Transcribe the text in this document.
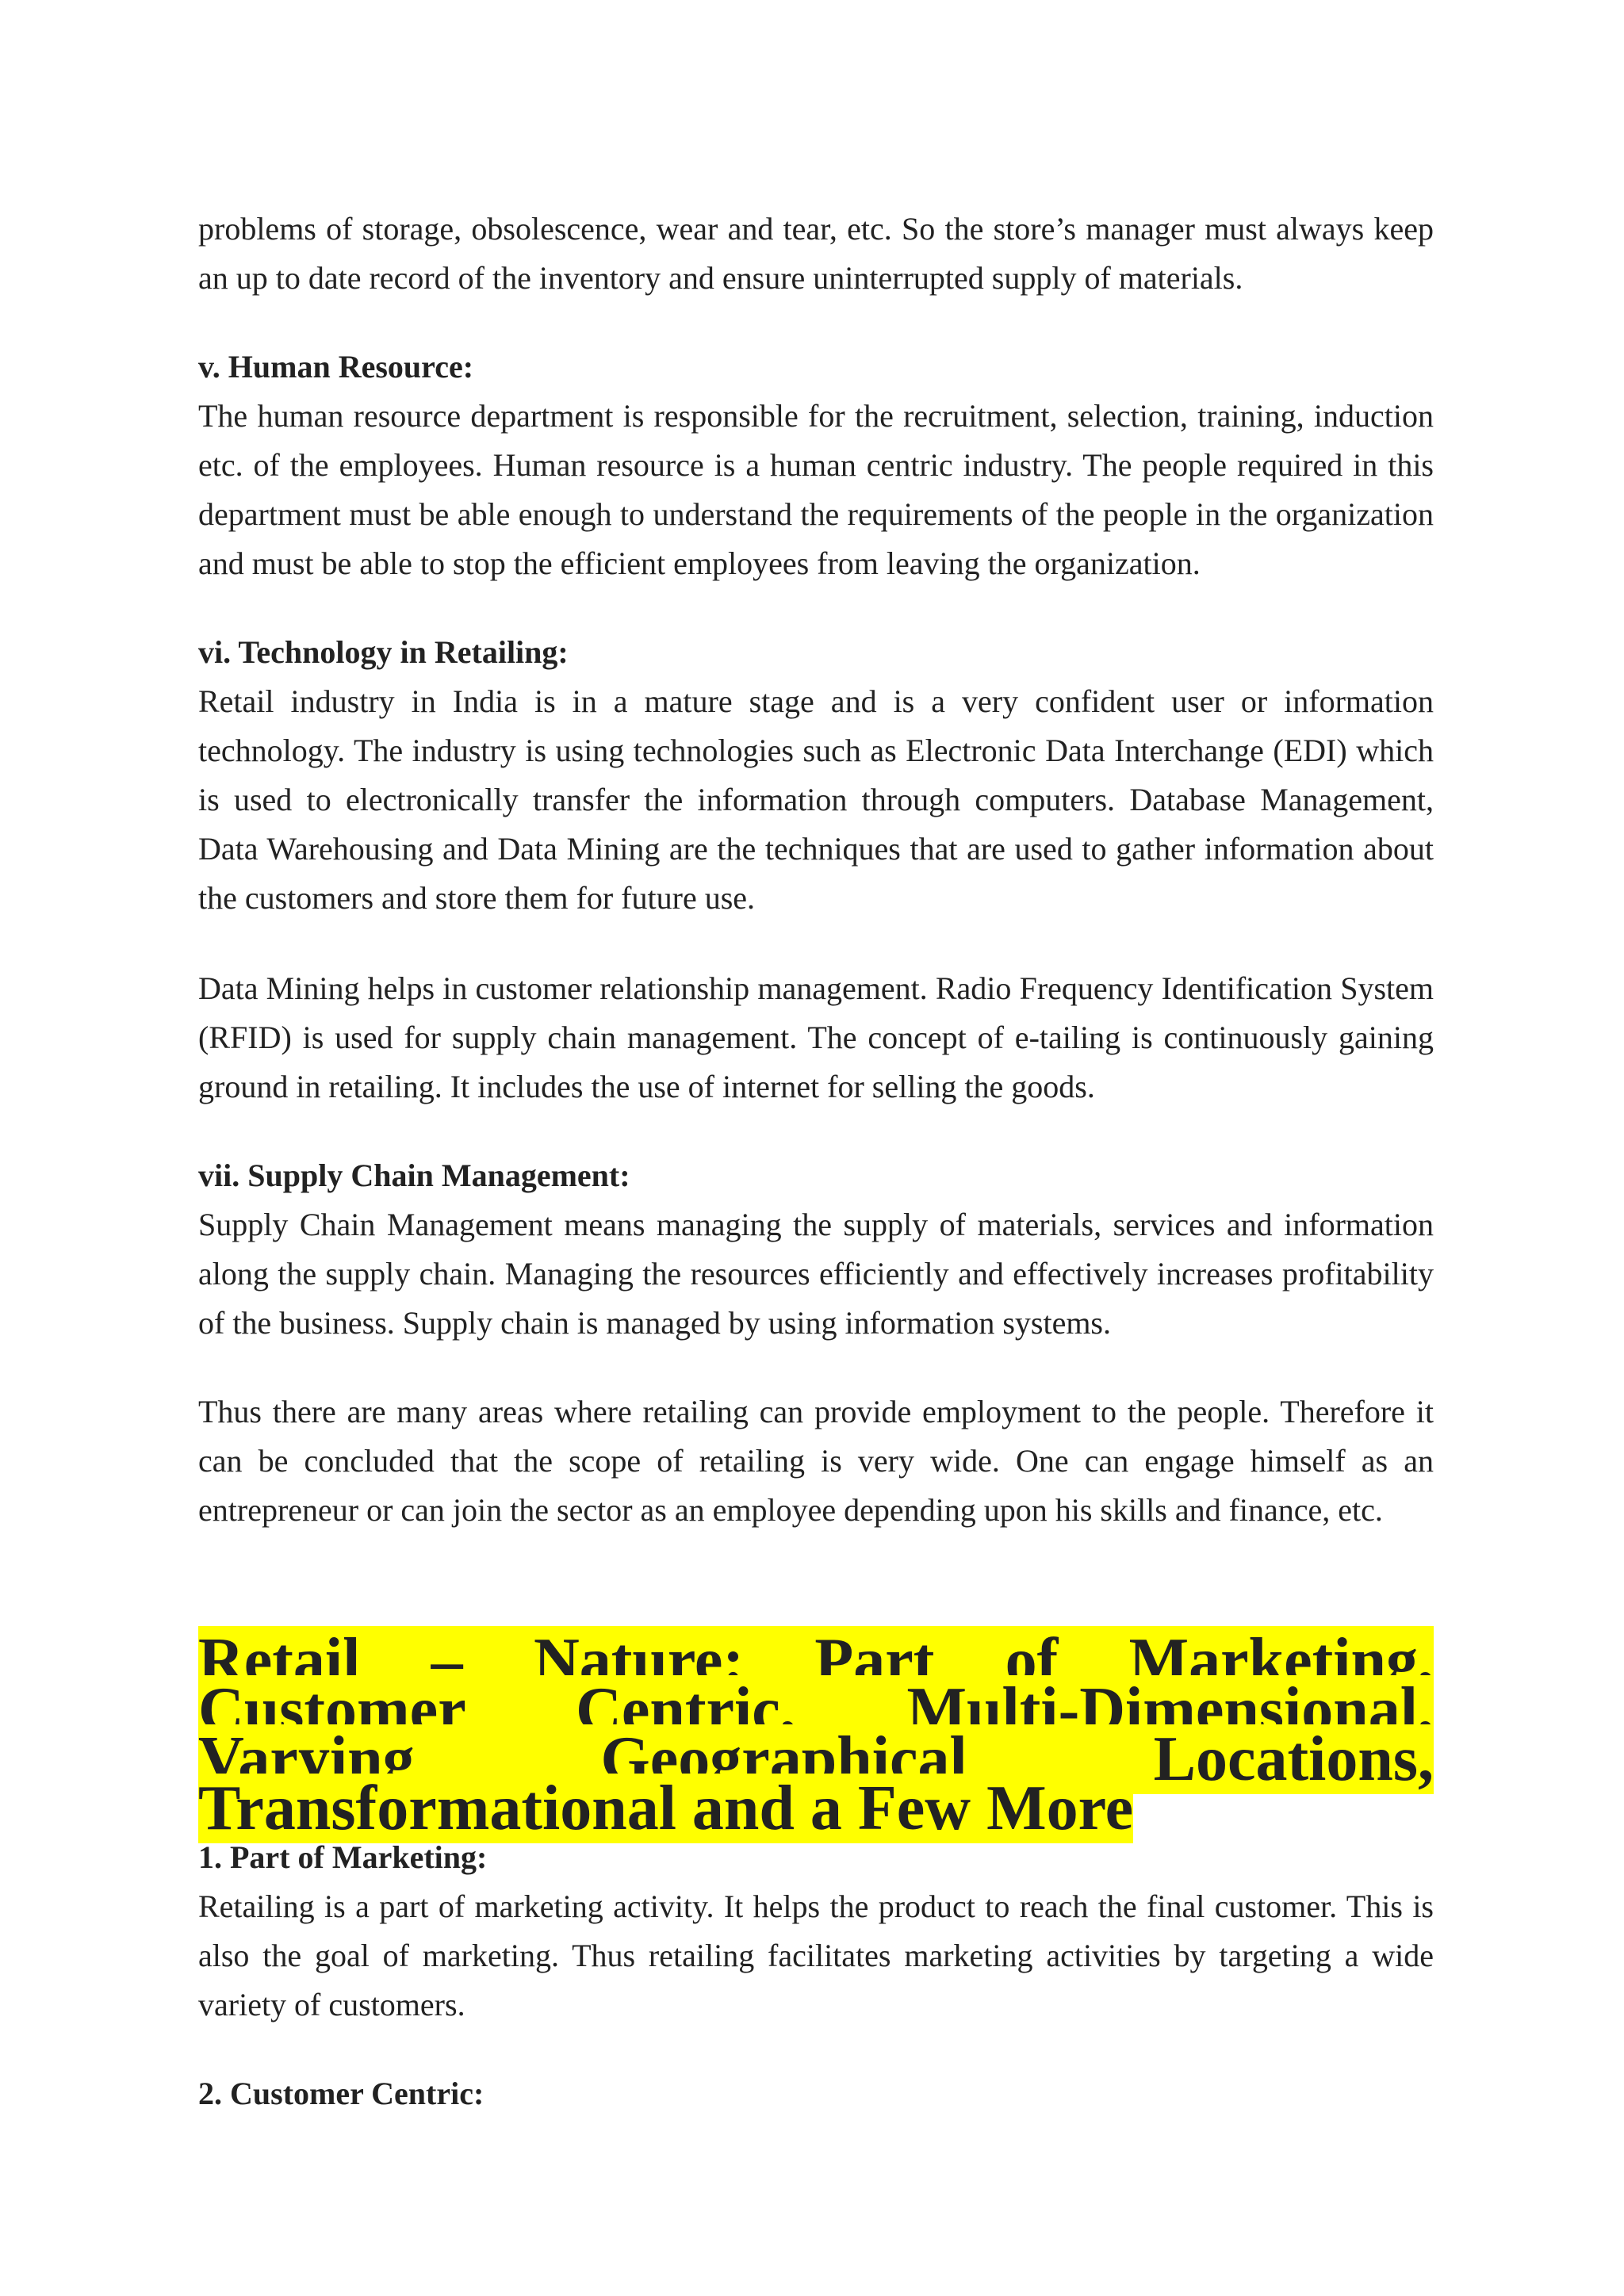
problems of storage, obsolescence, wear and tear, etc. So the store’s manager must always keep an up to date record of the inventory and ensure uninterrupted supply of materials.

v. Human Resource:

The human resource department is responsible for the recruitment, selection, training, induction etc. of the employees. Human resource is a human centric industry. The people required in this department must be able enough to understand the requirements of the people in the organization and must be able to stop the efficient employees from leaving the organization.

vi. Technology in Retailing:

Retail industry in India is in a mature stage and is a very confident user or information technology. The industry is using technologies such as Electronic Data Interchange (EDI) which is used to electronically transfer the information through computers. Database Management, Data Warehousing and Data Mining are the techniques that are used to gather information about the customers and store them for future use.

Data Mining helps in customer relationship management. Radio Frequency Identification System (RFID) is used for supply chain management. The concept of e-tailing is continuously gaining ground in retailing. It includes the use of internet for selling the goods.

vii. Supply Chain Management:

Supply Chain Management means managing the supply of materials, services and information along the supply chain. Managing the resources efficiently and effectively increases profitability of the business. Supply chain is managed by using information systems.

Thus there are many areas where retailing can provide employment to the people. Therefore it can be concluded that the scope of retailing is very wide. One can engage himself as an entrepreneur or can join the sector as an employee depending upon his skills and finance, etc.

Retail – Nature: Part of Marketing, Customer Centric, Multi-Dimensional, Varying Geographical Locations, Transformational and a Few More
1. Part of Marketing:

Retailing is a part of marketing activity. It helps the product to reach the final customer. This is also the goal of marketing. Thus retailing facilitates marketing activities by targeting a wide variety of customers.

2. Customer Centric:
